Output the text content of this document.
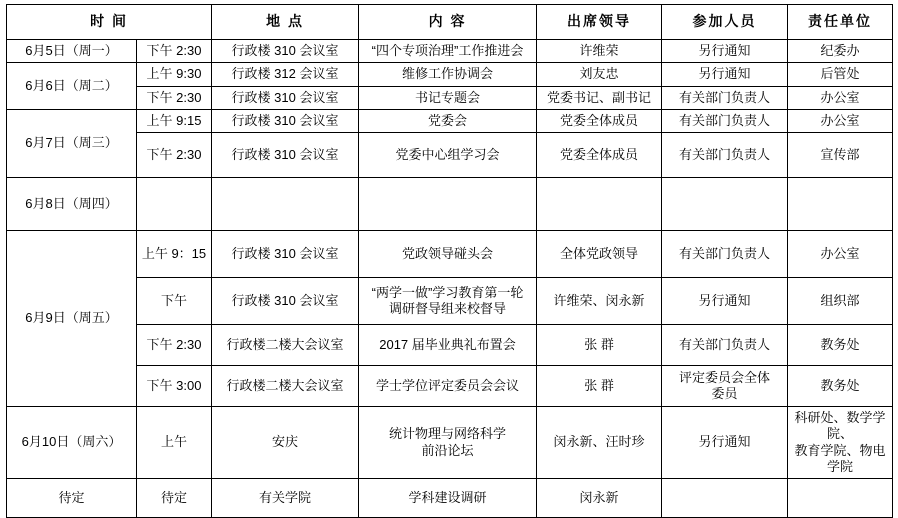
时 间		地 点	内 容	出席领导	参加人员	责任单位
6月5日（周一）	下午 2:30	行政楼 310 会议室	“四个专项治理”工作推进会	许维荣	另行通知	纪委办
6月6日（周二）	上午 9:30	行政楼 312 会议室	维修工作协调会	刘友忠	另行通知	后管处
	下午 2:30	行政楼 310 会议室	书记专题会	党委书记、副书记	有关部门负责人	办公室
6月7日（周三）	上午 9:15	行政楼 310 会议室	党委会	党委全体成员	有关部门负责人	办公室
	下午 2:30	行政楼 310 会议室	党委中心组学习会	党委全体成员	有关部门负责人	宣传部
6月8日（周四）						
6月9日（周五）	上午 9：15	行政楼 310 会议室	党政领导碰头会	全体党政领导	有关部门负责人	办公室
	下午	行政楼 310 会议室	“两学一做”学习教育第一轮
调研督导组来校督导	许维荣、闵永新	另行通知	组织部
	下午 2:30	行政楼二楼大会议室	2017 届毕业典礼布置会	张 群	有关部门负责人	教务处
	下午 3:00	行政楼二楼大会议室	学士学位评定委员会会议	张 群	评定委员会全体
委员	教务处
6月10日（周六）	上午	安庆	统计物理与网络科学
前沿论坛	闵永新、汪时珍	另行通知	科研处、数学学院、
教育学院、物电学院

待定	待定	有关学院	学科建设调研	闵永新		
